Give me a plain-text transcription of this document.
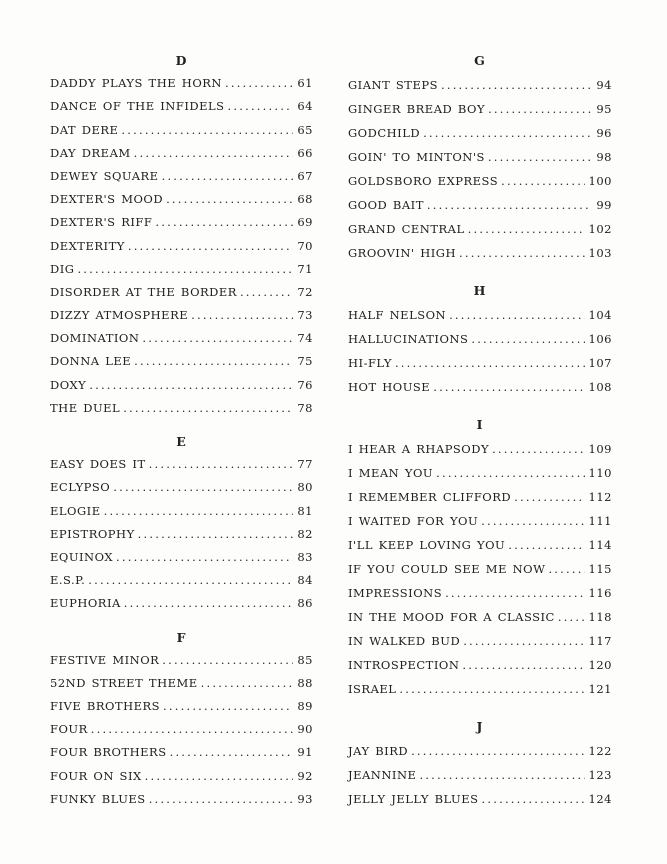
D
DADDY PLAYS THE HORN .....	61
DANCE OF THE INFIDELS .....	64
DAT DERE .....	65
DAY DREAM .....	66
DEWEY SQUARE .....	67
DEXTER'S MOOD .....	68
DEXTER'S RIFF .....	69
DEXTERITY .....	70
DIG .....	71
DISORDER AT THE BORDER .....	72
DIZZY ATMOSPHERE .....	73
DOMINATION .....	74
DONNA LEE .....	75
DOXY .....	76
THE DUEL .....	78
E
EASY DOES IT .....	77
ECLYPSO .....	80
ELOGIE .....	81
EPISTROPHY .....	82
EQUINOX .....	83
E.S.P. .....	84
EUPHORIA .....	86
F
FESTIVE MINOR .....	85
52ND STREET THEME .....	88
FIVE BROTHERS .....	89
FOUR .....	90
FOUR BROTHERS .....	91
FOUR ON SIX .....	92
FUNKY BLUES .....	93
G
GIANT STEPS .....	94
GINGER BREAD BOY .....	95
GODCHILD .....	96
GOIN' TO MINTON'S .....	98
GOLDSBORO EXPRESS .....	100
GOOD BAIT .....	99
GRAND CENTRAL .....	102
GROOVIN' HIGH .....	103
H
HALF NELSON .....	104
HALLUCINATIONS .....	106
HI-FLY .....	107
HOT HOUSE .....	108
I
I HEAR A RHAPSODY .....	109
I MEAN YOU .....	110
I REMEMBER CLIFFORD .....	112
I WAITED FOR YOU .....	111
I'LL KEEP LOVING YOU .....	114
IF YOU COULD SEE ME NOW .....	115
IMPRESSIONS .....	116
IN THE MOOD FOR A CLASSIC .....	118
IN WALKED BUD .....	117
INTROSPECTION .....	120
ISRAEL .....	121
J
JAY BIRD .....	122
JEANNINE .....	123
JELLY JELLY BLUES .....	124
